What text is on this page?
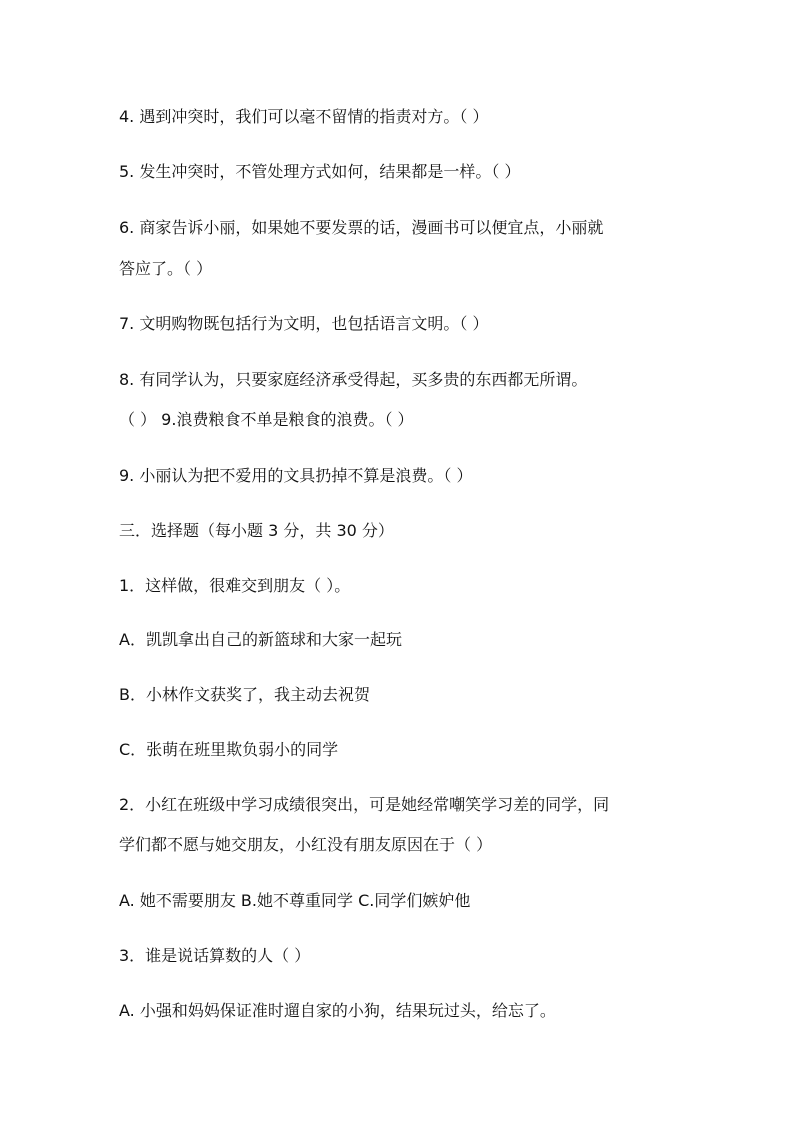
4. 遇到冲突时，我们可以毫不留情的指责对方。（ ）
5. 发生冲突时，不管处理方式如何，结果都是一样。（ ）
6. 商家告诉小丽，如果她不要发票的话，漫画书可以便宜点，小丽就
答应了。（ ）
7. 文明购物既包括行为文明，也包括语言文明。（ ）
8. 有同学认为，只要家庭经济承受得起，买多贵的东西都无所谓。
（ ） 9.浪费粮食不单是粮食的浪费。（ ）
9. 小丽认为把不爱用的文具扔掉不算是浪费。（ ）
三．选择题（每小题 3 分，共 30 分）
1．这样做，很难交到朋友（ ）。
A．凯凯拿出自己的新篮球和大家一起玩
B．小林作文获奖了，我主动去祝贺
C．张萌在班里欺负弱小的同学
2．小红在班级中学习成绩很突出，可是她经常嘲笑学习差的同学，同
学们都不愿与她交朋友，小红没有朋友原因在于（ ）
A. 她不需要朋友 B.她不尊重同学 C.同学们嫉妒他
3．谁是说话算数的人（ ）
A. 小强和妈妈保证准时遛自家的小狗，结果玩过头，给忘了。
